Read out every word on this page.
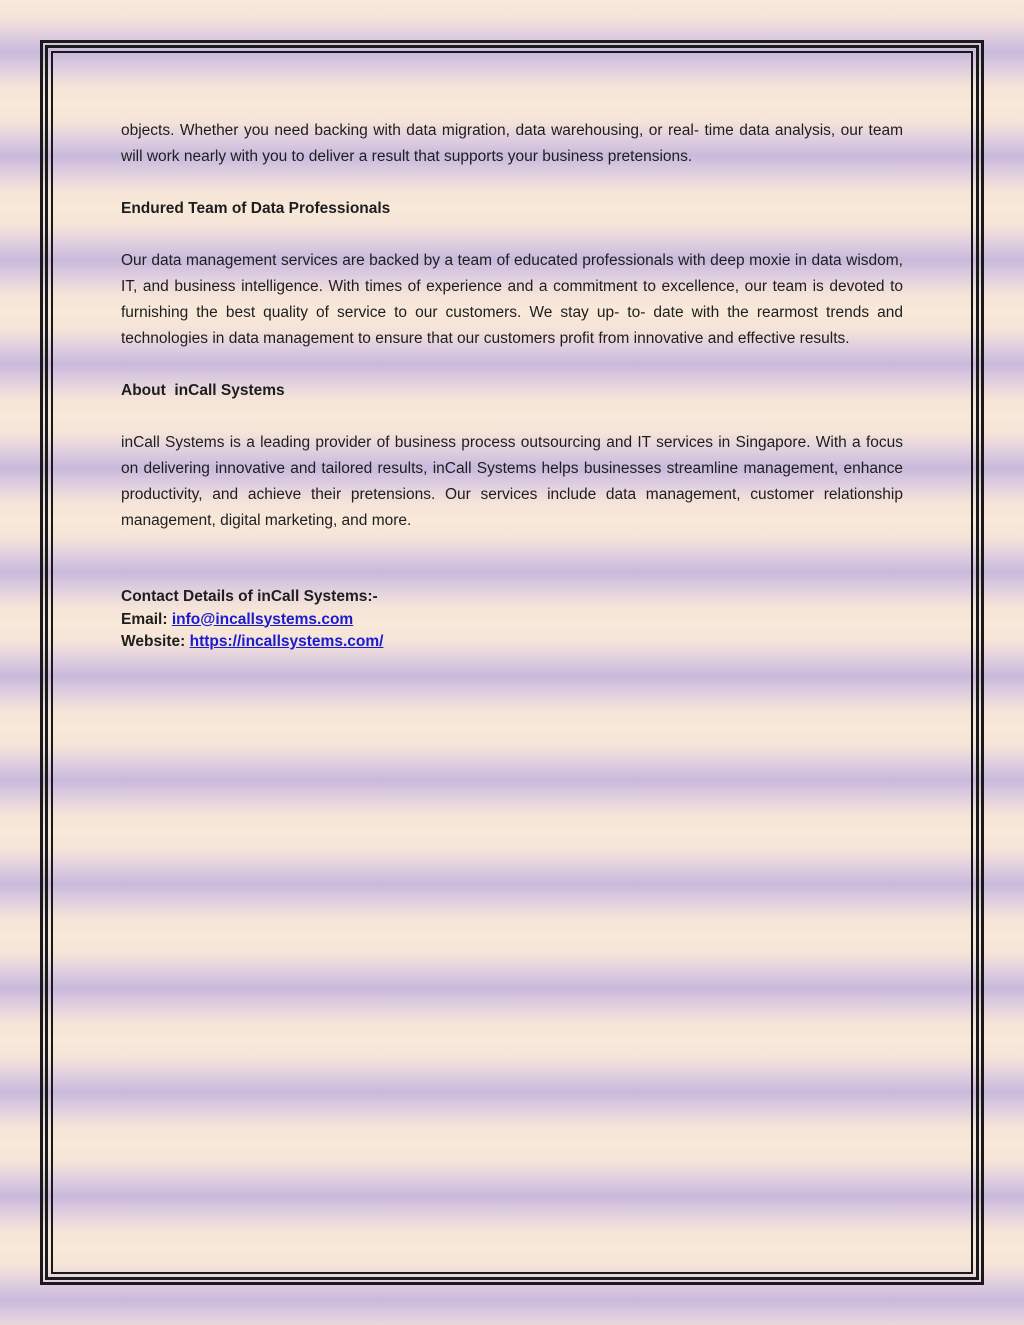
objects. Whether you need backing with data migration, data warehousing, or real- time data analysis, our team will work nearly with you to deliver a result that supports your business pretensions.

Endured Team of Data Professionals

Our data management services are backed by a team of educated professionals with deep moxie in data wisdom, IT, and business intelligence. With times of experience and a commitment to excellence, our team is devoted to furnishing the best quality of service to our customers. We stay up- to- date with the rearmost trends and technologies in data management to ensure that our customers profit from innovative and effective results.

About  inCall Systems

inCall Systems is a leading provider of business process outsourcing and IT services in Singapore. With a focus on delivering innovative and tailored results, inCall Systems helps businesses streamline management, enhance productivity, and achieve their pretensions. Our services include data management, customer relationship management, digital marketing, and more.

Contact Details of inCall Systems:-
Email: info@incallsystems.com
Website: https://incallsystems.com/
